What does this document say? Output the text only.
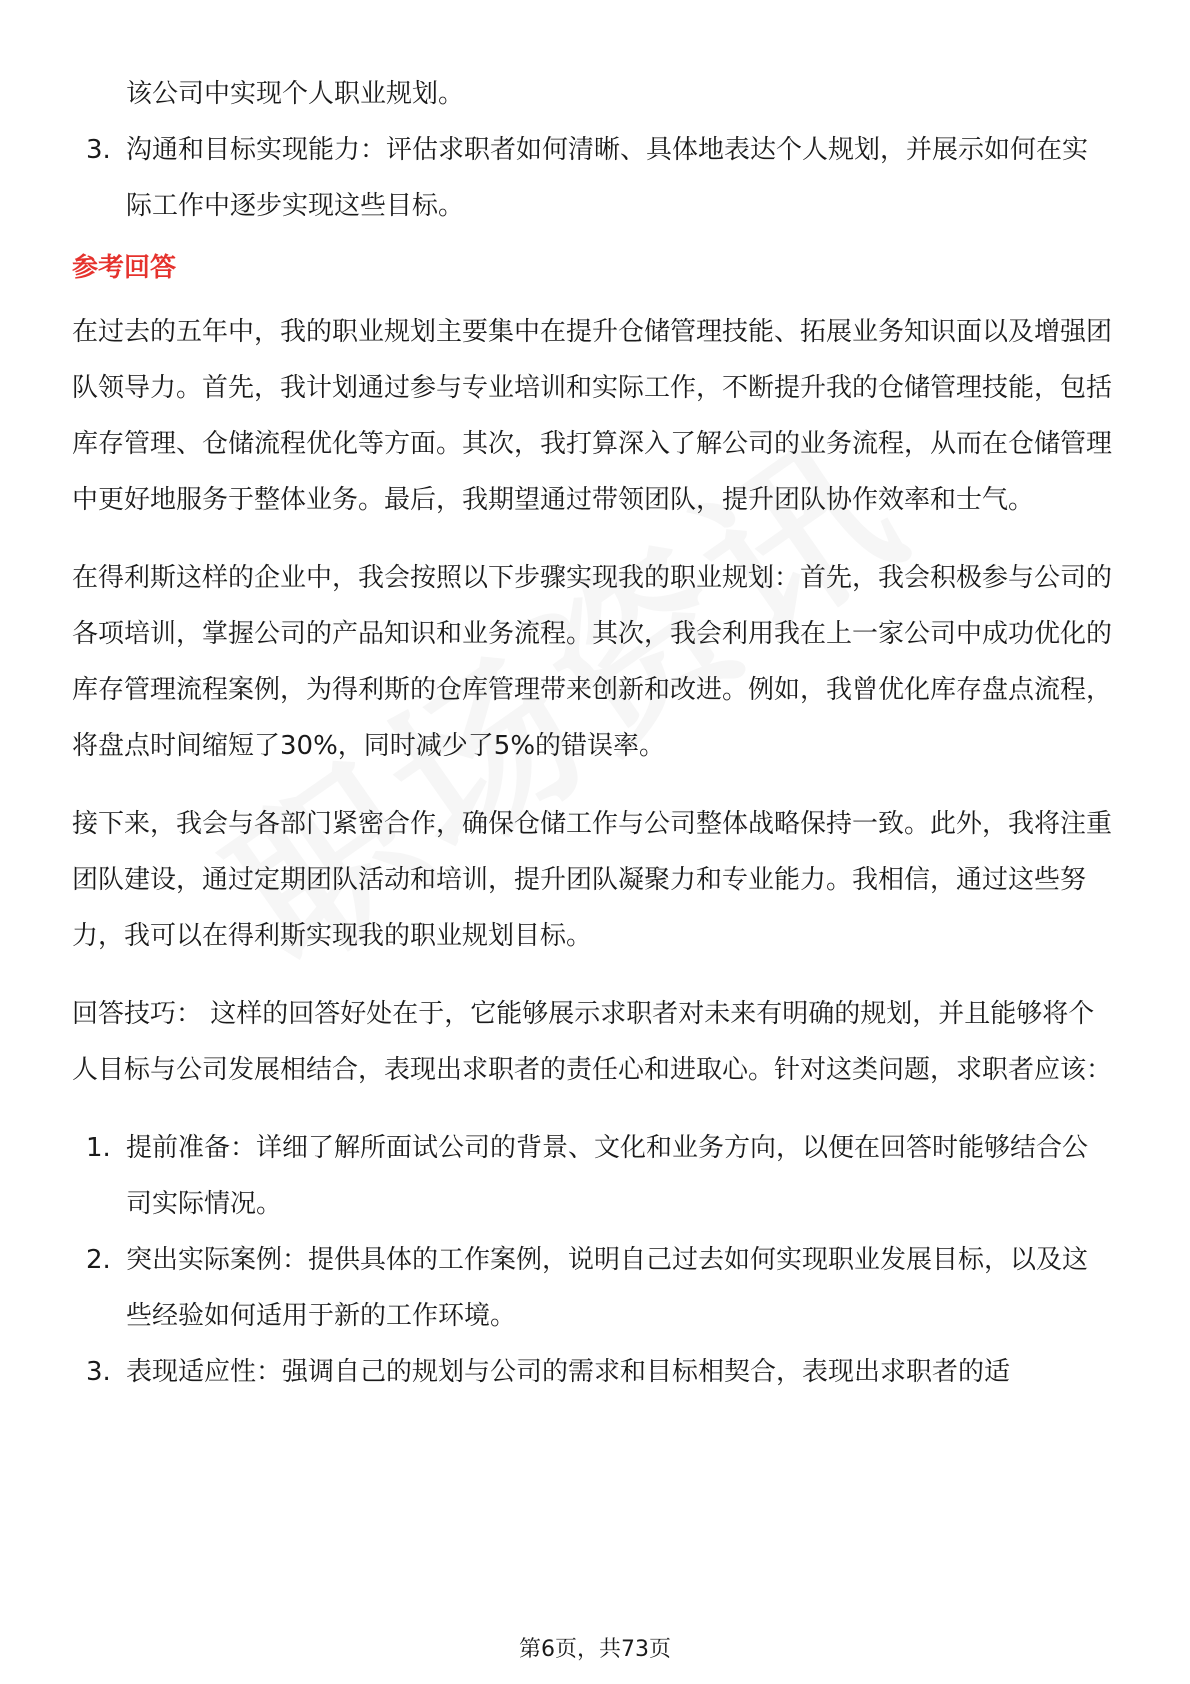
该公司中实现个人职业规划。
3. 沟通和目标实现能力：评估求职者如何清晰、具体地表达个人规划，并展示如何在实际工作中逐步实现这些目标。
参考回答
在过去的五年中，我的职业规划主要集中在提升仓储管理技能、拓展业务知识面以及增强团队领导力。首先，我计划通过参与专业培训和实际工作，不断提升我的仓储管理技能，包括库存管理、仓储流程优化等方面。其次，我打算深入了解公司的业务流程，从而在仓储管理中更好地服务于整体业务。最后，我期望通过带领团队，提升团队协作效率和士气。
在得利斯这样的企业中，我会按照以下步骤实现我的职业规划：首先，我会积极参与公司的各项培训，掌握公司的产品知识和业务流程。其次，我会利用我在上一家公司中成功优化的库存管理流程案例，为得利斯的仓库管理带来创新和改进。例如，我曾优化库存盘点流程，将盘点时间缩短了30%，同时减少了5%的错误率。
接下来，我会与各部门紧密合作，确保仓储工作与公司整体战略保持一致。此外，我将注重团队建设，通过定期团队活动和培训，提升团队凝聚力和专业能力。我相信，通过这些努力，我可以在得利斯实现我的职业规划目标。
回答技巧： 这样的回答好处在于，它能够展示求职者对未来有明确的规划，并且能够将个人目标与公司发展相结合，表现出求职者的责任心和进取心。针对这类问题，求职者应该：
1. 提前准备：详细了解所面试公司的背景、文化和业务方向，以便在回答时能够结合公司实际情况。
2. 突出实际案例：提供具体的工作案例，说明自己过去如何实现职业发展目标，以及这些经验如何适用于新的工作环境。
3. 表现适应性：强调自己的规划与公司的需求和目标相契合，表现出求职者的适
第6页，共73页
